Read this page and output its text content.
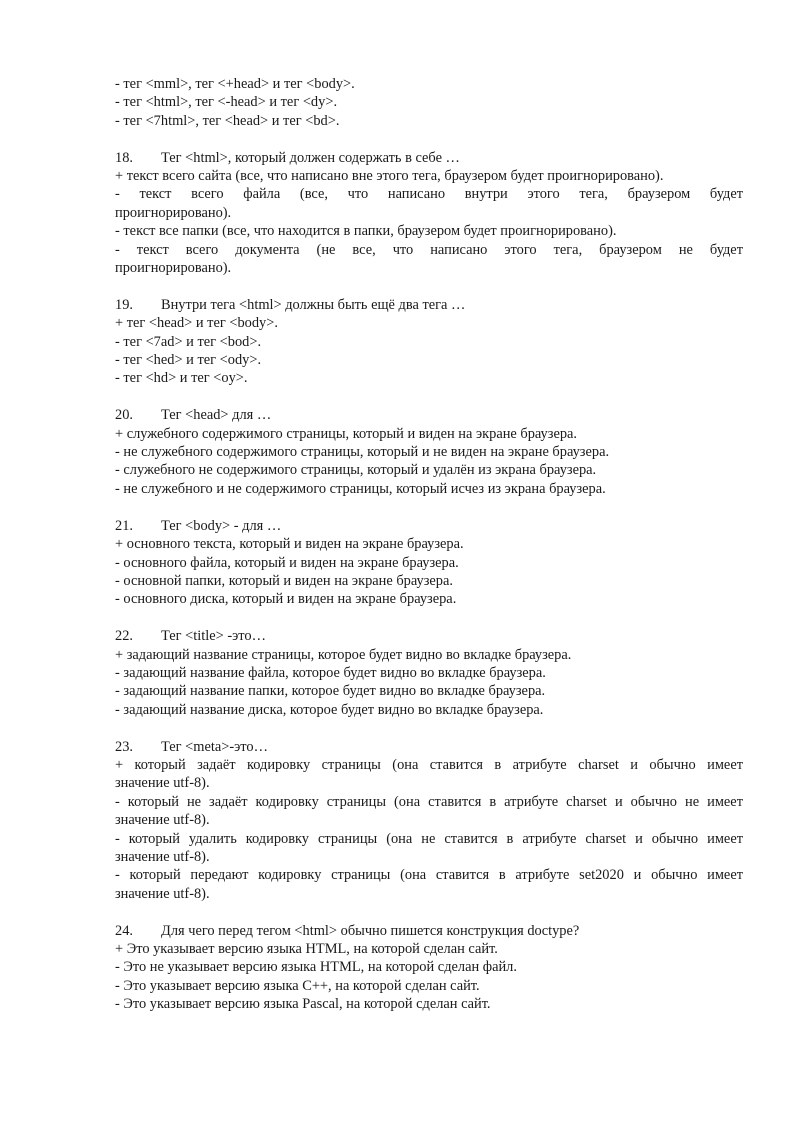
- тег <mml>, тег <+head> и тег <body>.

- тег <html>, тег <-head> и тег <dy>.

- тег <7html>, тег <head> и тег <bd>.

18.	Тег <html>, который должен содержать в себе …

+ текст всего сайта (все, что написано вне этого тега, браузером будет проигнорировано).

- текст всего файла (все, что написано внутри этого тега, браузером будет

проигнорировано).

- текст все папки (все, что находится в папки, браузером будет проигнорировано).

- текст всего документа (не все, что написано этого тега, браузером не будет

проигнорировано).

19.	Внутри тега <html> должны быть ещё два тега …

+ тег <head> и тег <body>.

- тег <7ad> и тег <bod>.

- тег <hed> и тег <ody>.

- тег <hd> и тег <oy>.

20.	Тег <head> для …

+ служебного содержимого страницы, который и виден на экране браузера.

- не служебного содержимого страницы, который и не виден на экране браузера.

- служебного не содержимого страницы, который и удалён из экрана браузера.

- не служебного и не содержимого страницы, который исчез из экрана браузера.

21.	Тег <body> - для …

+ основного текста, который и виден на экране браузера.

- основного файла, который и виден на экране браузера.

- основной папки, который и виден на экране браузера.

- основного диска, который и виден на экране браузера.

22.	Тег <title> -это…

+ задающий название страницы, которое будет видно во вкладке браузера.

- задающий название файла, которое будет видно во вкладке браузера.

- задающий название папки, которое будет видно во вкладке браузера.

- задающий название диска, которое будет видно во вкладке браузера.

23.	Тег <meta>-это…

+ который задаёт кодировку страницы (она ставится в атрибуте charset и обычно имеет

значение utf-8).

- который не задаёт кодировку страницы (она ставится в атрибуте charset и обычно не имеет

значение utf-8).

- который удалить кодировку страницы (она не ставится в атрибуте charset и обычно имеет

значение utf-8).

- который передают кодировку страницы (она ставится в атрибуте set2020 и обычно имеет

значение utf-8).

24.	Для чего перед тегом <html> обычно пишется конструкция doctype?

+ Это указывает версию языка HTML, на которой сделан сайт.

- Это не указывает версию языка HTML, на которой сделан файл.

- Это указывает версию языка C++, на которой сделан сайт.

- Это указывает версию языка Pascal, на которой сделан сайт.
